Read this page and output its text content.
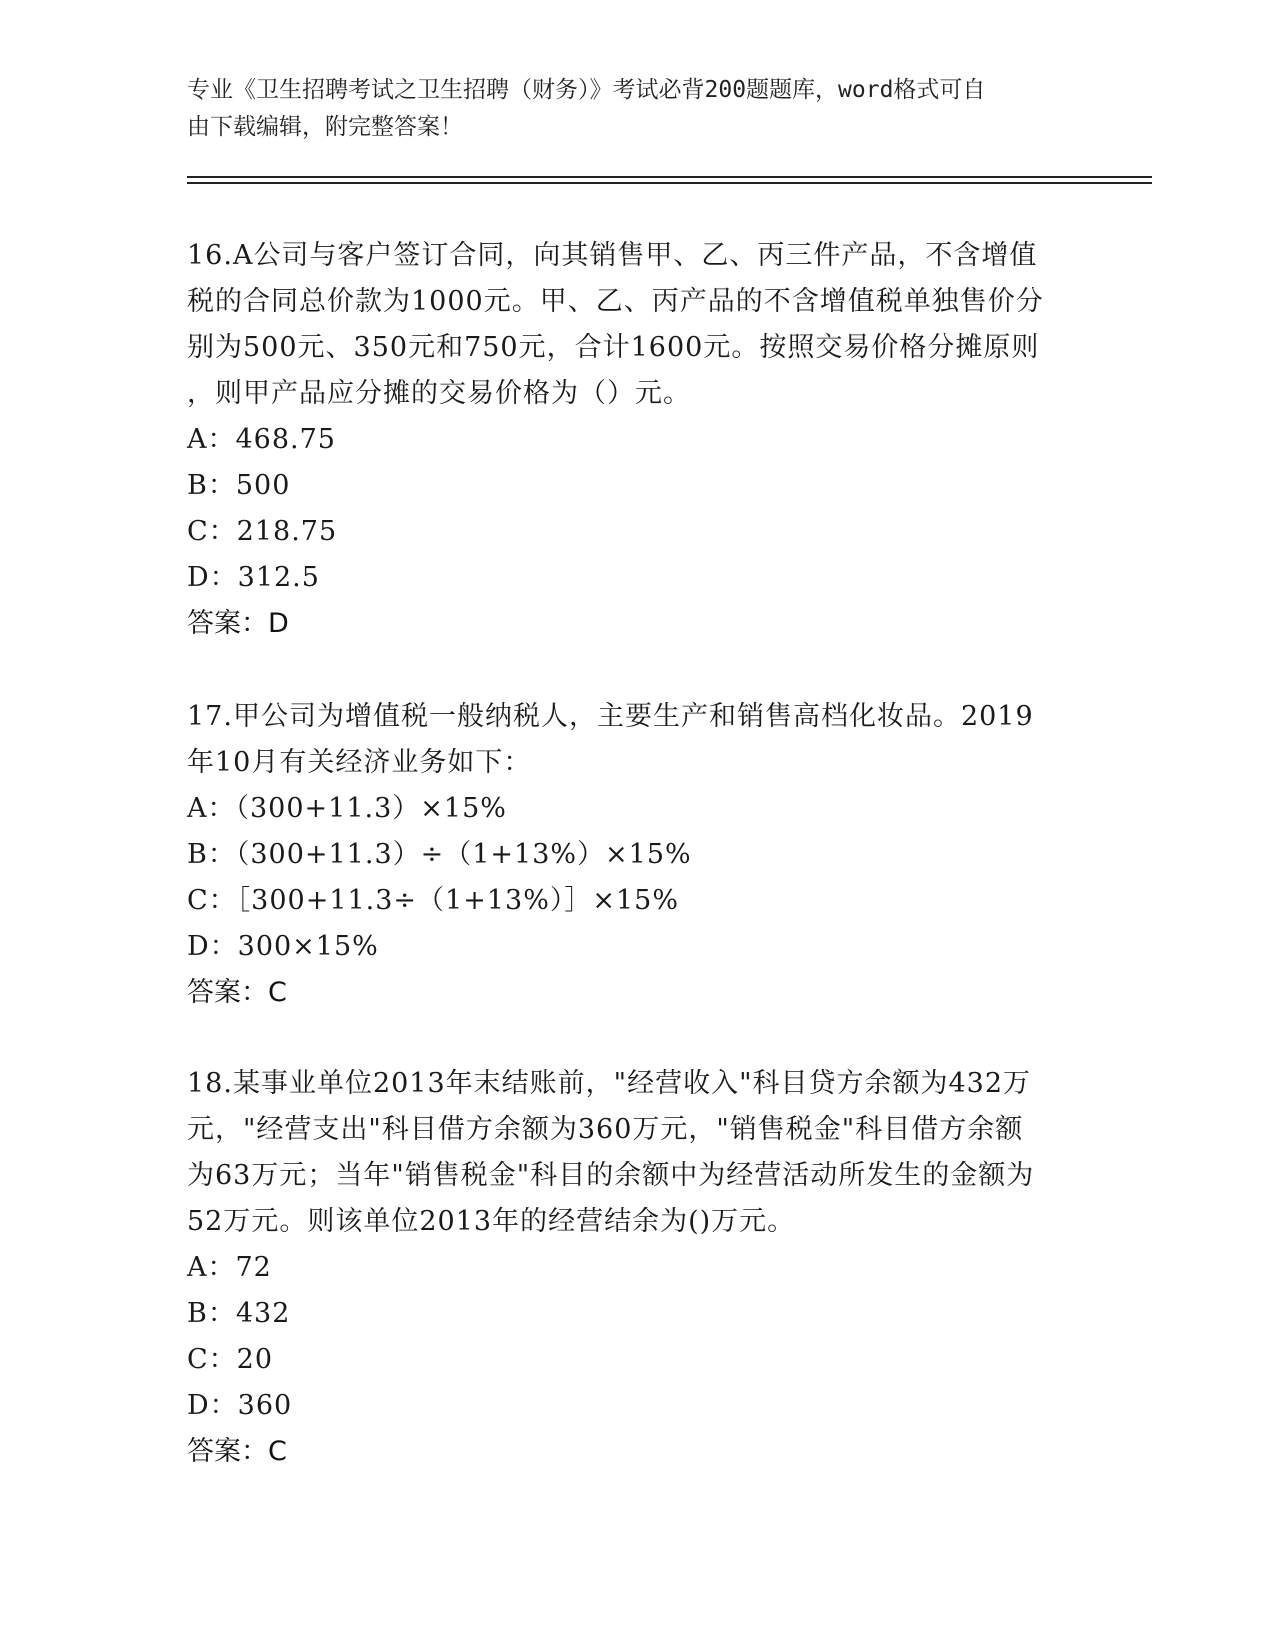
专业《卫生招聘考试之卫生招聘（财务）》考试必背200题题库，word格式可自
由下载编辑，附完整答案！

16.A公司与客户签订合同，向其销售甲、乙、丙三件产品，不含增值

税的合同总价款为1000元。甲、乙、丙产品的不含增值税单独售价分

别为500元、350元和750元，合计1600元。按照交易价格分摊原则

，则甲产品应分摊的交易价格为（）元。

A：468.75

B：500

C：218.75

D：312.5

答案：D

17.甲公司为增值税一般纳税人，主要生产和销售高档化妆品。2019

年10月有关经济业务如下：

A：（300+11.3）×15%

B：（300+11.3）÷（1+13%）×15%

C：［300+11.3÷（1+13%）］×15%

D：300×15%

答案：C

18.某事业单位2013年末结账前，"经营收入"科目贷方余额为432万

元，"经营支出"科目借方余额为360万元，"销售税金"科目借方余额

为63万元；当年"销售税金"科目的余额中为经营活动所发生的金额为

52万元。则该单位2013年的经营结余为()万元。

A：72

B：432

C：20

D：360

答案：C
